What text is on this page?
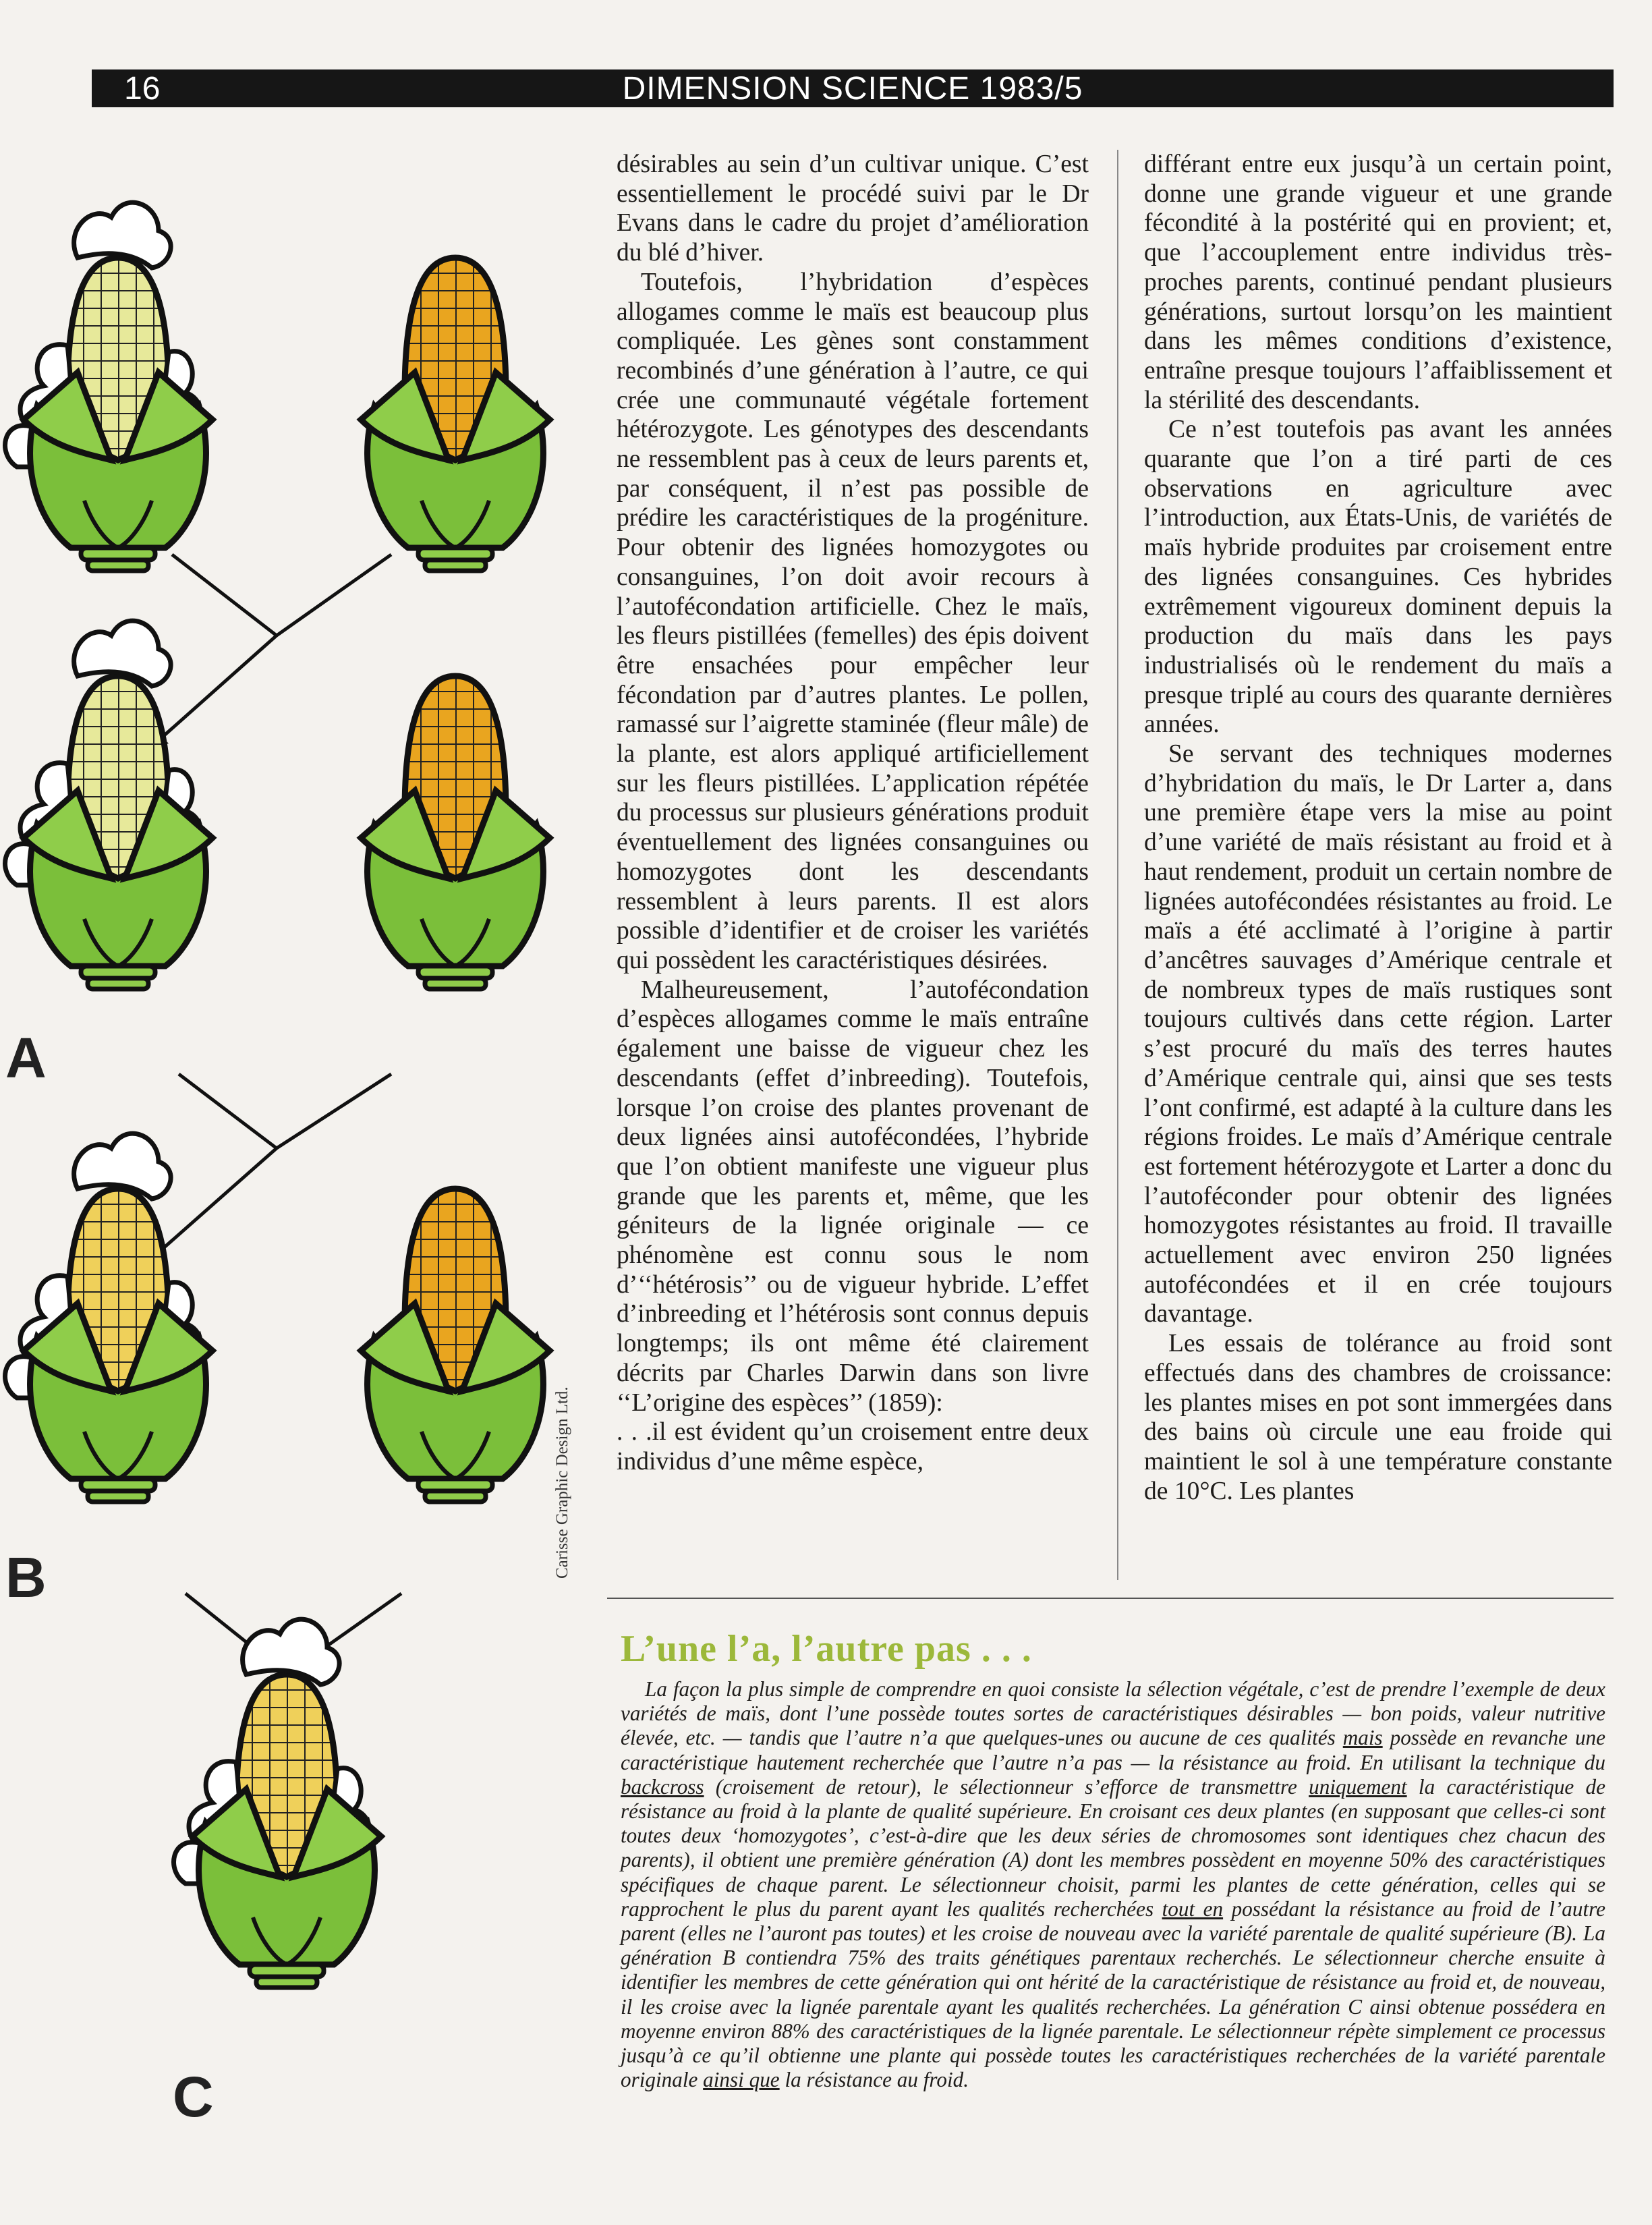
16	DIMENSION SCIENCE 1983/5
A
B
C
Carisse Graphic Design Ltd.

désirables au sein d’un cultivar unique. C’est essentiellement le procédé suivi par le Dr Evans dans le cadre du projet d’amélioration du blé d’hiver.

Toutefois, l’hybridation d’espèces allogames comme le maïs est beaucoup plus compliquée. Les gènes sont constamment recombinés d’une génération à l’autre, ce qui crée une communauté végétale fortement hétérozygote. Les génotypes des descendants ne ressemblent pas à ceux de leurs parents et, par conséquent, il n’est pas possible de prédire les caractéristiques de la progéniture. Pour obtenir des lignées homozygotes ou consanguines, l’on doit avoir recours à l’autofécondation artificielle. Chez le maïs, les fleurs pistillées (femelles) des épis doivent être ensachées pour empêcher leur fécondation par d’autres plantes. Le pollen, ramassé sur l’aigrette staminée (fleur mâle) de la plante, est alors appliqué artificiellement sur les fleurs pistillées. L’application répétée du processus sur plusieurs générations produit éventuellement des lignées consanguines ou homozygotes dont les descendants ressemblent à leurs parents. Il est alors possible d’identifier et de croiser les variétés qui possèdent les caractéristiques désirées.

Malheureusement, l’autofécondation d’espèces allogames comme le maïs entraîne également une baisse de vigueur chez les descendants (effet d’inbreeding). Toutefois, lorsque l’on croise des plantes provenant de deux lignées ainsi autofécondées, l’hybride que l’on obtient manifeste une vigueur plus grande que les parents et, même, que les géniteurs de la lignée originale — ce phénomène est connu sous le nom d’‘‘hétérosis’’ ou de vigueur hybride. L’effet d’inbreeding et l’hétérosis sont connus depuis longtemps; ils ont même été clairement décrits par Charles Darwin dans son livre ‘‘L’origine des espèces’’ (1859):

. . .il est évident qu’un croisement entre deux individus d’une même espèce,

différant entre eux jusqu’à un certain point, donne une grande vigueur et une grande fécondité à la postérité qui en provient; et, que l’accouplement entre individus très-proches parents, continué pendant plusieurs générations, surtout lorsqu’on les maintient dans les mêmes conditions d’existence, entraîne presque toujours l’affaiblissement et la stérilité des descendants.

Ce n’est toutefois pas avant les années quarante que l’on a tiré parti de ces observations en agriculture avec l’introduction, aux États-Unis, de variétés de maïs hybride produites par croisement entre des lignées consanguines. Ces hybrides extrêmement vigoureux dominent depuis la production du maïs dans les pays industrialisés où le rendement du maïs a presque triplé au cours des quarante dernières années.

Se servant des techniques modernes d’hybridation du maïs, le Dr Larter a, dans une première étape vers la mise au point d’une variété de maïs résistant au froid et à haut rendement, produit un certain nombre de lignées autofécondées résistantes au froid. Le maïs a été acclimaté à l’origine à partir d’ancêtres sauvages d’Amérique centrale et de nombreux types de maïs rustiques sont toujours cultivés dans cette région. Larter s’est procuré du maïs des terres hautes d’Amérique centrale qui, ainsi que ses tests l’ont confirmé, est adapté à la culture dans les régions froides. Le maïs d’Amérique centrale est fortement hétérozygote et Larter a donc du l’autoféconder pour obtenir des lignées homozygotes résistantes au froid. Il travaille actuellement avec environ 250 lignées autofécondées et il en crée toujours davantage.

Les essais de tolérance au froid sont effectués dans des chambres de croissance: les plantes mises en pot sont immergées dans des bains où circule une eau froide qui maintient le sol à une température constante de 10°C. Les plantes

L’une l’a, l’autre pas . . .

La façon la plus simple de comprendre en quoi consiste la sélection végétale, c’est de prendre l’exemple de deux variétés de maïs, dont l’une possède toutes sortes de caractéristiques désirables — bon poids, valeur nutritive élevée, etc. — tandis que l’autre n’a que quelques-unes ou aucune de ces qualités mais possède en revanche une caractéristique hautement recherchée que l’autre n’a pas — la résistance au froid. En utilisant la technique du backcross (croisement de retour), le sélectionneur s’efforce de transmettre uniquement la caractéristique de résistance au froid à la plante de qualité supérieure. En croisant ces deux plantes (en supposant que celles-ci sont toutes deux ‘homozygotes’, c’est-à-dire que les deux séries de chromosomes sont identiques chez chacun des parents), il obtient une première génération (A) dont les membres possèdent en moyenne 50% des caractéristiques spécifiques de chaque parent. Le sélectionneur choisit, parmi les plantes de cette génération, celles qui se rapprochent le plus du parent ayant les qualités recherchées tout en possédant la résistance au froid de l’autre parent (elles ne l’auront pas toutes) et les croise de nouveau avec la variété parentale de qualité supérieure (B). La génération B contiendra 75% des traits génétiques parentaux recherchés. Le sélectionneur cherche ensuite à identifier les membres de cette génération qui ont hérité de la caractéristique de résistance au froid et, de nouveau, il les croise avec la lignée parentale ayant les qualités recherchées. La génération C ainsi obtenue possédera en moyenne environ 88% des caractéristiques de la lignée parentale. Le sélectionneur répète simplement ce processus jusqu’à ce qu’il obtienne une plante qui possède toutes les caractéristiques recherchées de la variété parentale originale ainsi que la résistance au froid.
